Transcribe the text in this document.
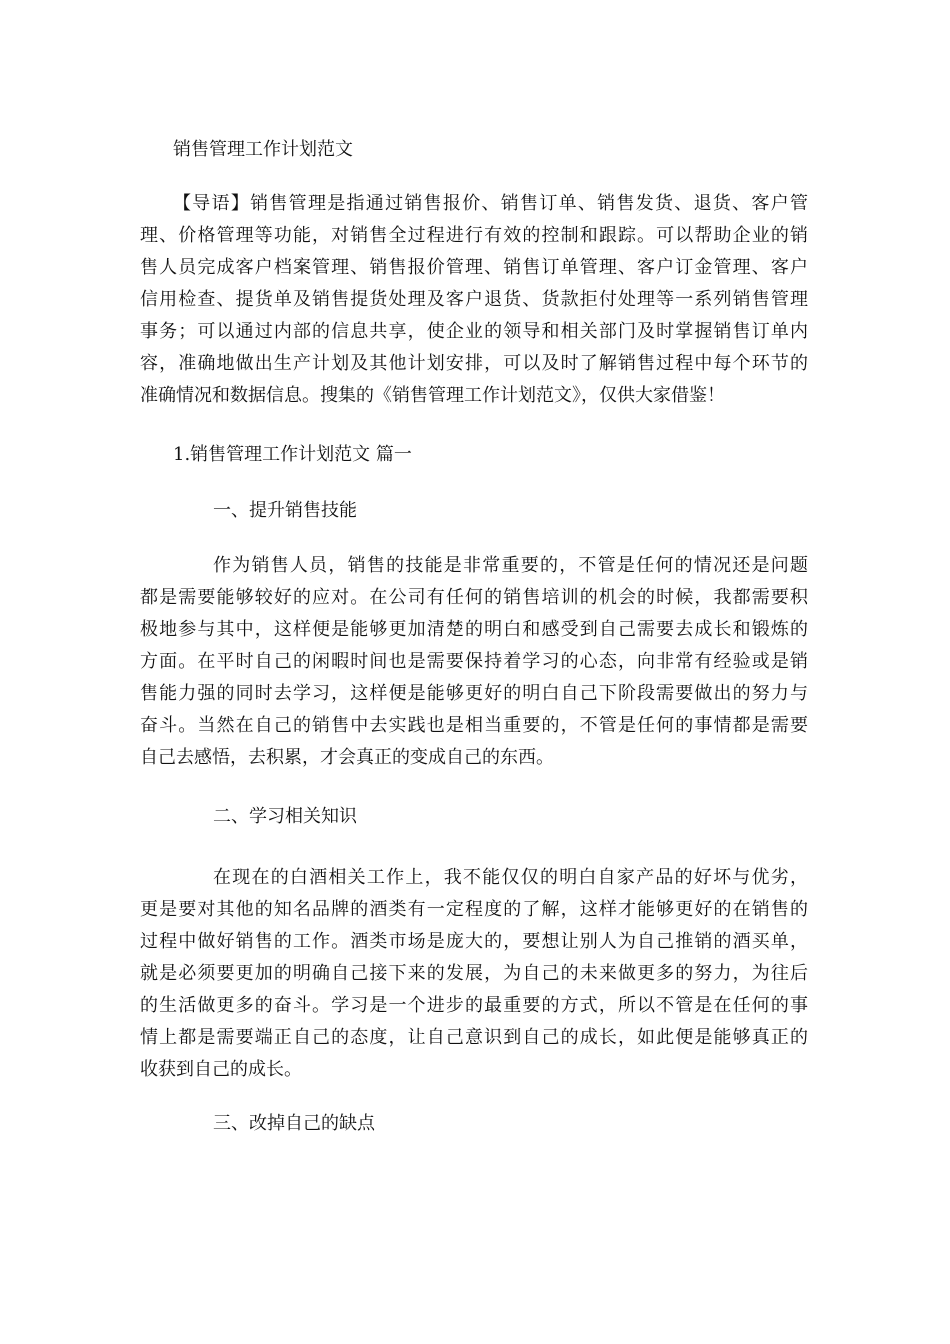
销售管理工作计划范文
【导语】销售管理是指通过销售报价、销售订单、销售发货、退货、客户管
理、价格管理等功能，对销售全过程进行有效的控制和跟踪。可以帮助企业的销
售人员完成客户档案管理、销售报价管理、销售订单管理、客户订金管理、客户
信用检查、提货单及销售提货处理及客户退货、货款拒付处理等一系列销售管理
事务；可以通过内部的信息共享，使企业的领导和相关部门及时掌握销售订单内
容，准确地做出生产计划及其他计划安排，可以及时了解销售过程中每个环节的
准确情况和数据信息。搜集的《销售管理工作计划范文》，仅供大家借鉴！
1.销售管理工作计划范文 篇一
一、提升销售技能
作为销售人员，销售的技能是非常重要的，不管是任何的情况还是问题
都是需要能够较好的应对。在公司有任何的销售培训的机会的时候，我都需要积
极地参与其中，这样便是能够更加清楚的明白和感受到自己需要去成长和锻炼的
方面。在平时自己的闲暇时间也是需要保持着学习的心态，向非常有经验或是销
售能力强的同时去学习，这样便是能够更好的明白自己下阶段需要做出的努力与
奋斗。当然在自己的销售中去实践也是相当重要的，不管是任何的事情都是需要
自己去感悟，去积累，才会真正的变成自己的东西。
二、学习相关知识
在现在的白酒相关工作上，我不能仅仅的明白自家产品的好坏与优劣，
更是要对其他的知名品牌的酒类有一定程度的了解，这样才能够更好的在销售的
过程中做好销售的工作。酒类市场是庞大的，要想让别人为自己推销的酒买单，
就是必须要更加的明确自己接下来的发展，为自己的未来做更多的努力，为往后
的生活做更多的奋斗。学习是一个进步的最重要的方式，所以不管是在任何的事
情上都是需要端正自己的态度，让自己意识到自己的成长，如此便是能够真正的
收获到自己的成长。
三、改掉自己的缺点
